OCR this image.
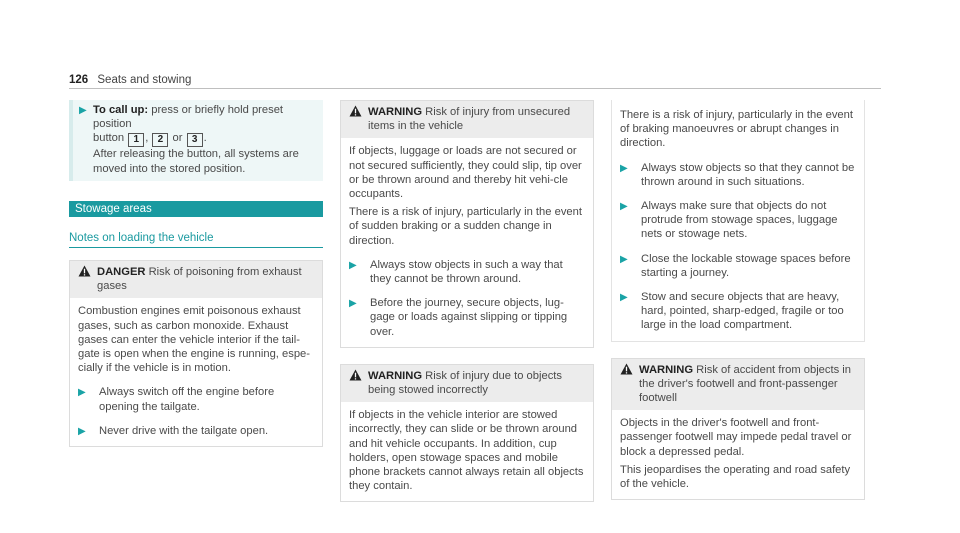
126 Seats and stowing
▶ To call up: press or briefly hold preset position
button 1 , 2 or 3 .
After releasing the button, all systems are moved into the stored position.

Stowage areas
Notes on loading the vehicle
DANGER Risk of poisoning from exhaust gases

Combustion engines emit poisonous exhaust gases, such as carbon monoxide. Exhaust gases can enter the vehicle interior if the tail-gate is open when the engine is running, espe-cially if the vehicle is in motion.

▶ Always switch off the engine before opening the tailgate.
▶ Never drive with the tailgate open.
WARNING Risk of injury from unsecured items in the vehicle

If objects, luggage or loads are not secured or not secured sufficiently, they could slip, tip over or be thrown around and thereby hit vehi-cle occupants.

There is a risk of injury, particularly in the event of sudden braking or a sudden change in direction.

▶ Always stow objects in such a way that they cannot be thrown around.
▶ Before the journey, secure objects, lug-gage or loads against slipping or tipping over.
WARNING Risk of injury due to objects being stowed incorrectly

If objects in the vehicle interior are stowed incorrectly, they can slide or be thrown around and hit vehicle occupants. In addition, cup holders, open stowage spaces and mobile phone brackets cannot always retain all objects they contain.

There is a risk of injury, particularly in the event of braking manoeuvres or abrupt changes in direction.

▶ Always stow objects so that they cannot be thrown around in such situations.
▶ Always make sure that objects do not protrude from stowage spaces, luggage nets or stowage nets.
▶ Close the lockable stowage spaces before starting a journey.
▶ Stow and secure objects that are heavy, hard, pointed, sharp-edged, fragile or too large in the load compartment.
WARNING Risk of accident from objects in the driver's footwell and front-passenger footwell

Objects in the driver's footwell and front-passenger footwell may impede pedal travel or block a depressed pedal.

This jeopardises the operating and road safety of the vehicle.
